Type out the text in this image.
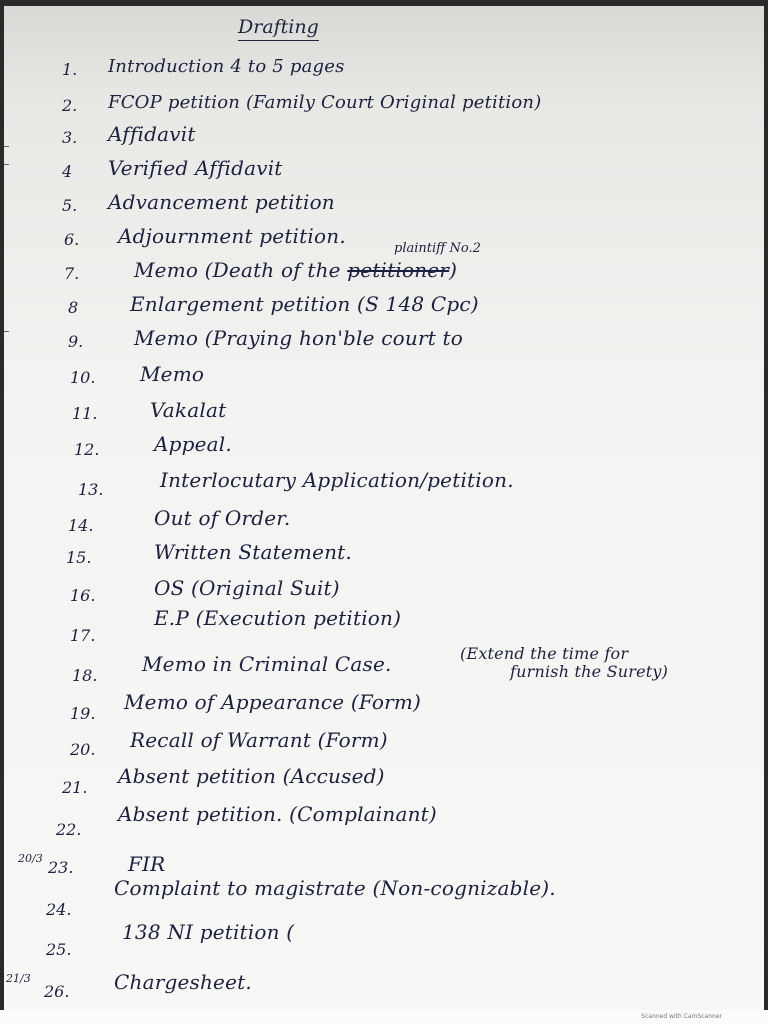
Drafting
1. Introduction 4 to 5 pages
2. FCOP petition (Family Court Original petition)
3. Affidavit
4 Verified Affidavit
5. Advancement petition
6. Adjournment petition.
7.
plaintiff No.2
Memo (Death of the petitioner)
8	Enlargement petition (S 148 Cpc)
9.	Memo (Praying hon'ble court to
10. Memo
11.	Vakalat
12.	Appeal.
13.	Interlocutary Application/petition.
14.	Out of Order.
15.	Written Statement.
16.	OS (Original Suit)
17.
E.P (Execution petition)
18. Memo in Criminal Case.	(Extend the time for
furnish the Surety)
19. Memo of Appearance (Form)
20. Recall of Warrant (Form)
21. Absent petition (Accused)
22.
Absent petition. (Complainant)
20/3 23.	FIR
24.
Complaint to magistrate (Non-cognizable).
25.
138 NI petition (
21/3
26. Chargesheet.
Scanned with CamScanner
